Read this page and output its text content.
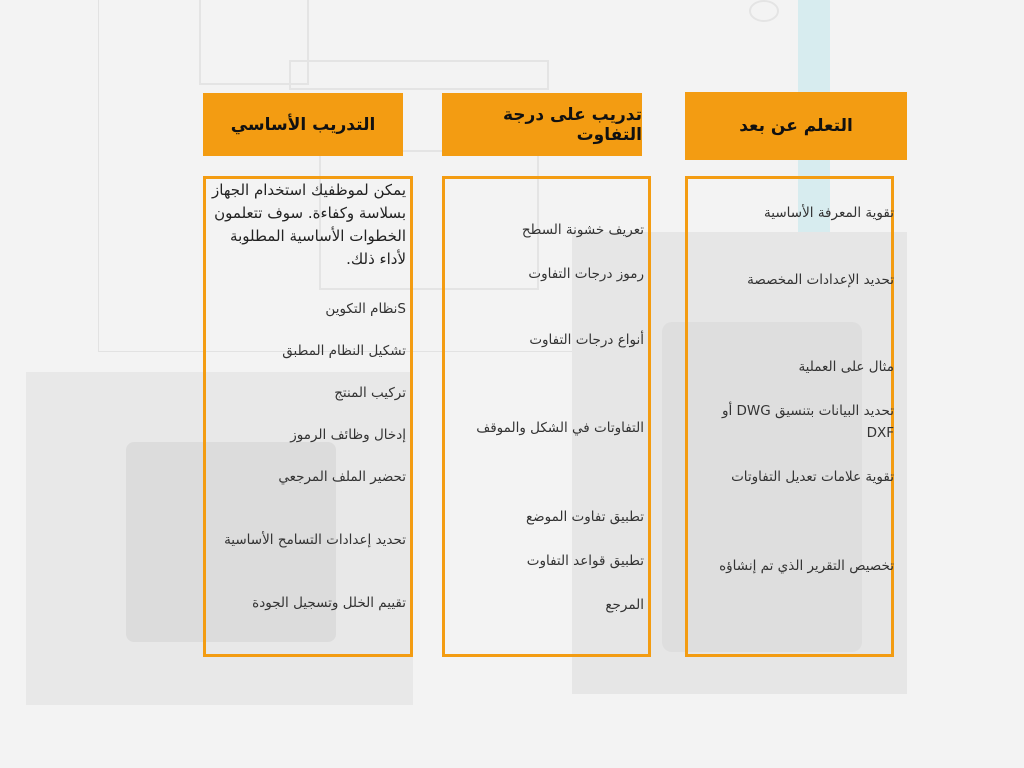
التدريب الأساسي	تدريب على درجة التفاوت	التعلم عن بعد

يمكن لموظفيك استخدام الجهاز بسلاسة وكفاءة. سوف تتعلمون الخطوات الأساسية المطلوبة لأداء ذلك.

Sنظام التكوين

تشكيل النظام المطبق

تركيب المنتج

إدخال وظائف الرموز

تحضير الملف المرجعي

تحديد إعدادات التسامح الأساسية

تقييم الخلل وتسجيل الجودة

تعريف خشونة السطح

رموز درجات التفاوت

أنواع درجات التفاوت

التفاوتات في الشكل والموقف

تطبيق تفاوت الموضع

تطبيق قواعد التفاوت

المرجع

تقوية المعرفة الأساسية

تحديد الإعدادات المخصصة

مثال على العملية

تحديد البيانات بتنسيق DWG أو DXF

تقوية علامات تعديل التفاوتات

تخصيص التقرير الذي تم إنشاؤه
